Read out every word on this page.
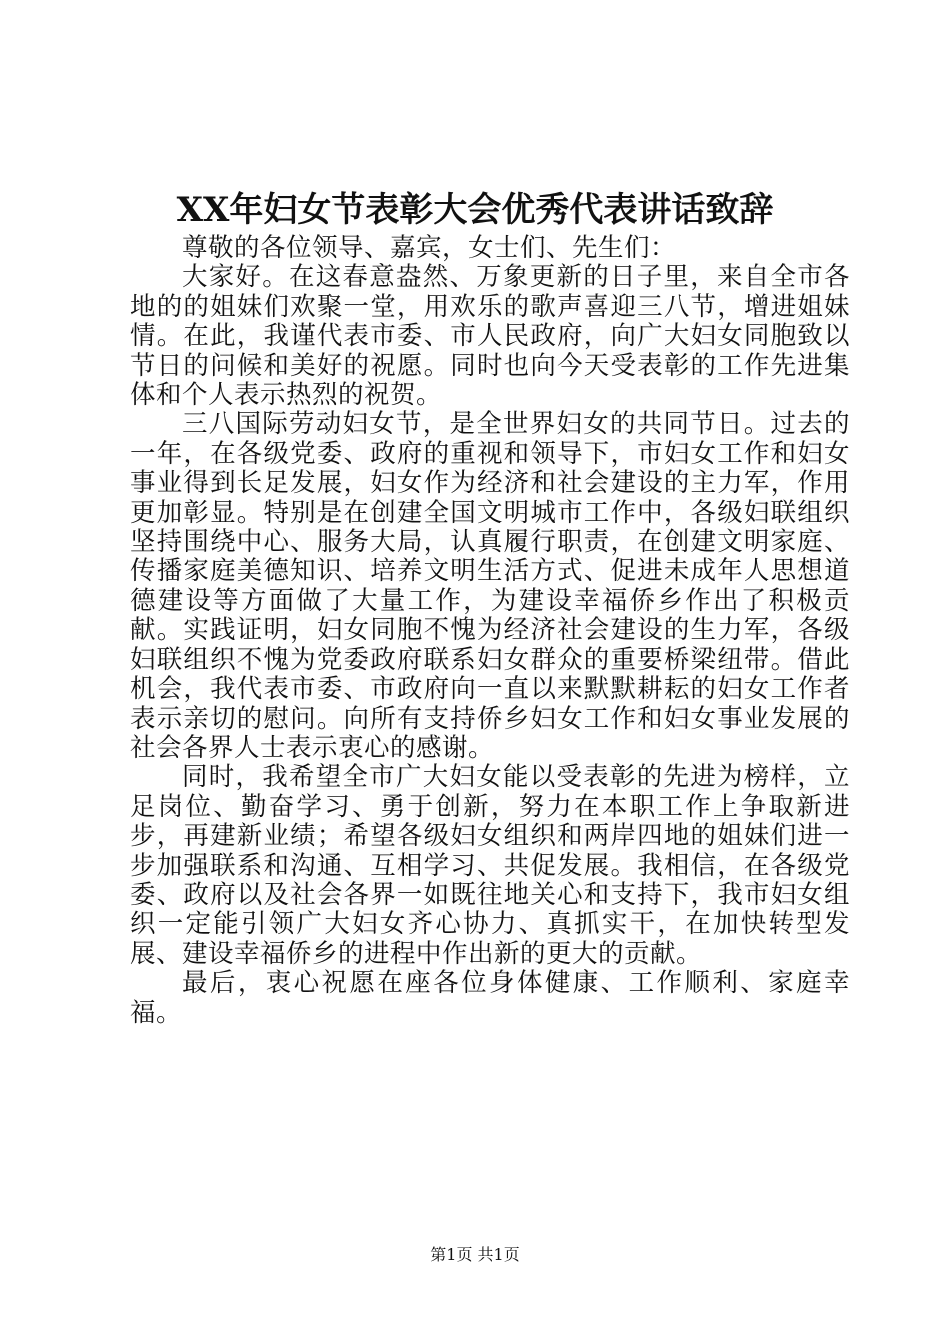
XX年妇女节表彰大会优秀代表讲话致辞

尊敬的各位领导、嘉宾，女士们、先生们：

大家好。在这春意盎然、万象更新的日子里，来自全市各地的的姐妹们欢聚一堂，用欢乐的歌声喜迎三八节，增进姐妹情。在此，我谨代表市委、市人民政府，向广大妇女同胞致以节日的问候和美好的祝愿。同时也向今天受表彰的工作先进集体和个人表示热烈的祝贺。

三八国际劳动妇女节，是全世界妇女的共同节日。过去的一年，在各级党委、政府的重视和领导下，市妇女工作和妇女事业得到长足发展，妇女作为经济和社会建设的主力军，作用更加彰显。特别是在创建全国文明城市工作中，各级妇联组织坚持围绕中心、服务大局，认真履行职责，在创建文明家庭、传播家庭美德知识、培养文明生活方式、促进未成年人思想道德建设等方面做了大量工作，为建设幸福侨乡作出了积极贡献。实践证明，妇女同胞不愧为经济社会建设的生力军，各级妇联组织不愧为党委政府联系妇女群众的重要桥梁纽带。借此机会，我代表市委、市政府向一直以来默默耕耘的妇女工作者表示亲切的慰问。向所有支持侨乡妇女工作和妇女事业发展的社会各界人士表示衷心的感谢。

同时，我希望全市广大妇女能以受表彰的先进为榜样，立足岗位、勤奋学习、勇于创新，努力在本职工作上争取新进步，再建新业绩；希望各级妇女组织和两岸四地的姐妹们进一步加强联系和沟通、互相学习、共促发展。我相信，在各级党委、政府以及社会各界一如既往地关心和支持下，我市妇女组织一定能引领广大妇女齐心协力、真抓实干，在加快转型发展、建设幸福侨乡的进程中作出新的更大的贡献。

最后，衷心祝愿在座各位身体健康、工作顺利、家庭幸福。

第1页 共1页
